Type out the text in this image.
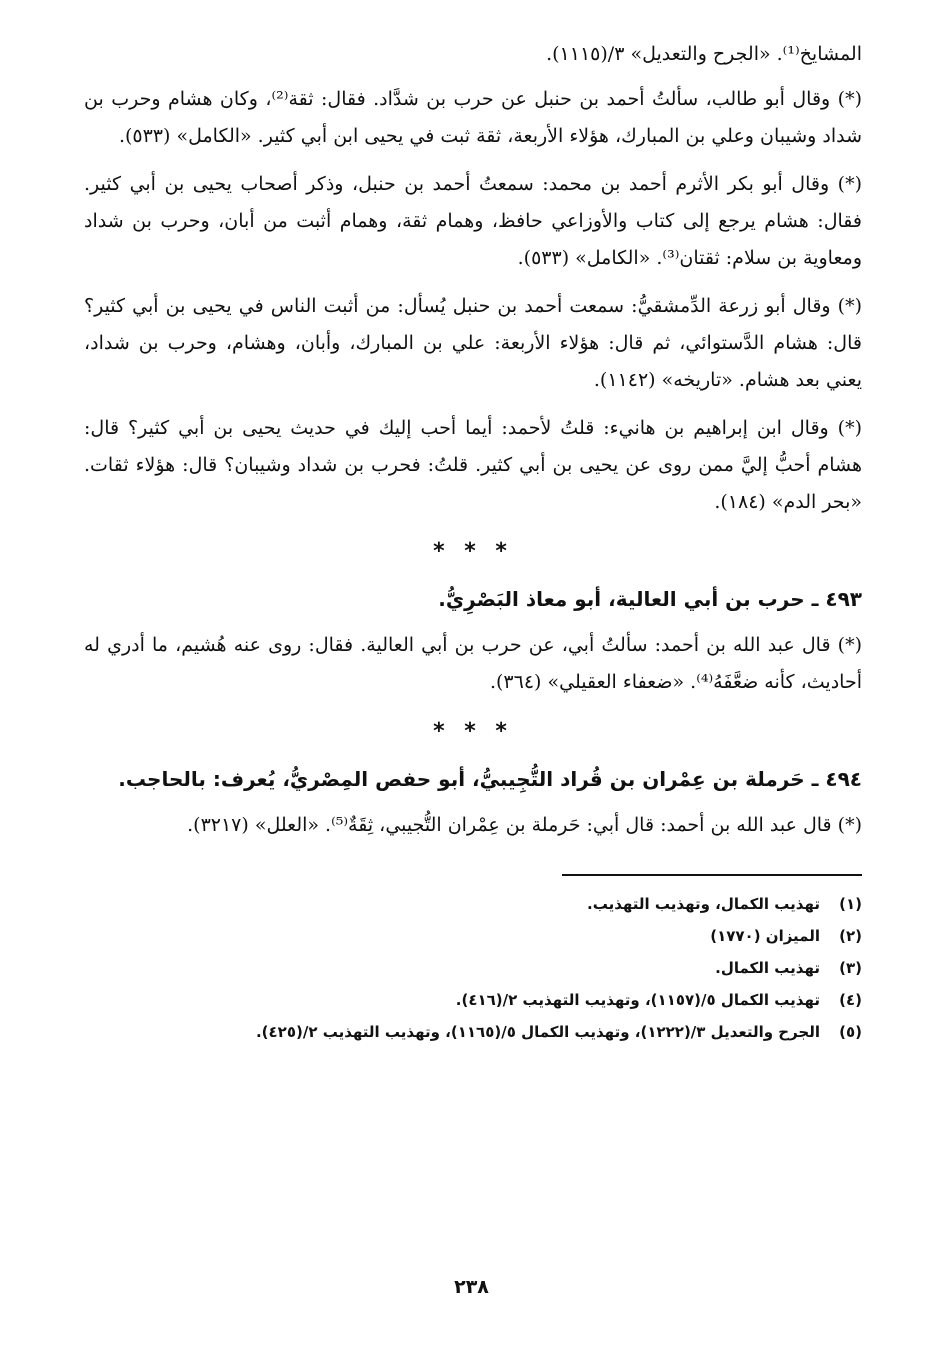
المشايخ⁽¹⁾. «الجرح والتعديل» ٣/(١١١٥).

(*) وقال أبو طالب، سألتُ أحمد بن حنبل عن حرب بن شدَّاد. فقال: ثقة⁽²⁾، وكان هشام وحرب بن شداد وشيبان وعلي بن المبارك، هؤلاء الأربعة، ثقة ثبت في يحيى ابن أبي كثير. «الكامل» (٥٣٣).

(*) وقال أبو بكر الأثرم أحمد بن محمد: سمعتُ أحمد بن حنبل، وذكر أصحاب يحيى بن أبي كثير. فقال: هشام يرجع إلى كتاب والأوزاعي حافظ، وهمام ثقة، وهمام أثبت من أبان، وحرب بن شداد ومعاوية بن سلام: ثقتان⁽³⁾. «الكامل» (٥٣٣).

(*) وقال أبو زرعة الدِّمشقيُّ: سمعت أحمد بن حنبل يُسأل: من أثبت الناس في يحيى بن أبي كثير؟ قال: هشام الدَّستوائي، ثم قال: هؤلاء الأربعة: علي بن المبارك، وأبان، وهشام، وحرب بن شداد، يعني بعد هشام. «تاريخه» (١١٤٢).

(*) وقال ابن إبراهيم بن هانيء: قلتُ لأحمد: أيما أحب إليك في حديث يحيى بن أبي كثير؟ قال: هشام أحبُّ إليَّ ممن روى عن يحيى بن أبي كثير. قلتُ: فحرب بن شداد وشيبان؟ قال: هؤلاء ثقات. «بحر الدم» (١٨٤).

* * *
٤٩٣ ـ حرب بن أبي العالية، أبو معاذ البَصْرِيُّ.

(*) قال عبد الله بن أحمد: سألتُ أبي، عن حرب بن أبي العالية. فقال: روى عنه هُشيم، ما أدري له أحاديث، كأنه ضعَّفَهُ⁽⁴⁾. «ضعفاء العقيلي» (٣٦٤).

* * *
٤٩٤ ـ حَرملة بن عِمْران بن قُراد التُّجِيبيُّ، أبو حفص المِصْريُّ، يُعرف: بالحاجب.

(*) قال عبد الله بن أحمد: قال أبي: حَرملة بن عِمْران التُّجيبي، ثِقَةٌ⁽⁵⁾. «العلل» (٣٢١٧).

(١)
تهذيب الكمال، وتهذيب التهذيب.
(٢)
الميزان (١٧٧٠)
(٣)
تهذيب الكمال.
(٤)
تهذيب الكمال ٥/(١١٥٧)، وتهذيب التهذيب ٢/(٤١٦).
(٥)
الجرح والتعديل ٣/(١٢٢٢)، وتهذيب الكمال ٥/(١١٦٥)، وتهذيب التهذيب ٢/(٤٢٥).
٢٣٨
